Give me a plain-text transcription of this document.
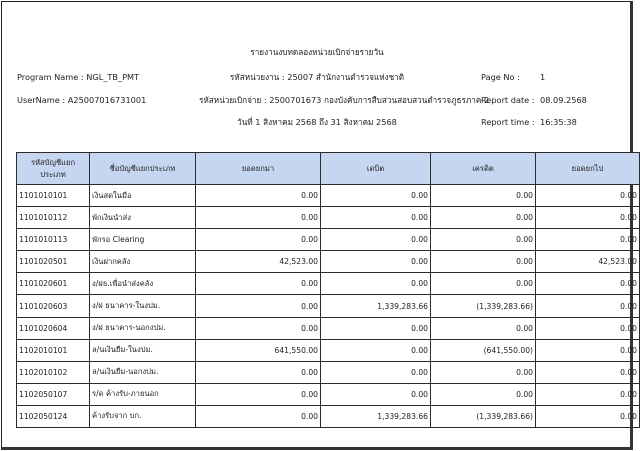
รายงานงบทดลองหน่วยเบิกจ่ายรายวัน
Program Name : NGL_TB_PMT
UserName : A25007016731001
รหัสหน่วยงาน : 25007 สำนักงานตำรวจแห่งชาติ
รหัสหน่วยเบิกจ่าย : 2500701673 กองบังคับการสืบสวนสอบสวนตำรวจภูธรภาค 2
วันที่ 1 สิงหาคม 2568 ถึง 31 สิงหาคม 2568
Page No : 1
Report date : 08.09.2568
Report time : 16:35:38
รหัสบัญชีแยกประเภท	ชื่อบัญชีแยกประเภท	ยอดยกมา	เดบิต	เครดิต	ยอดยกไป
1101010101	เงินสดในมือ	0.00	0.00	0.00	0.00
1101010112	พักเงินนำส่ง	0.00	0.00	0.00	0.00
1101010113	พักรอ Clearing	0.00	0.00	0.00	0.00
1101020501	เงินฝากคลัง	42,523.00	0.00	0.00	42,523.00
1101020601	ง/ฝธ.เพื่อนำส่งคลัง	0.00	0.00	0.00	0.00
1101020603	ง/ฝ ธนาคาร-ในงปม.	0.00	1,339,283.66	(1,339,283.66)	0.00
1101020604	ง/ฝ ธนาคาร-นอกงปม.	0.00	0.00	0.00	0.00
1102010101	ล/นเงินยืม-ในงปม.	641,550.00	0.00	(641,550.00)	0.00
1102010102	ล/นเงินยืม-นอกงปม.	0.00	0.00	0.00	0.00
1102050107	ร/ด ค้างรับ-ภายนอก	0.00	0.00	0.00	0.00
1102050124	ค้างรับจาก บก.	0.00	1,339,283.66	(1,339,283.66)	0.00
